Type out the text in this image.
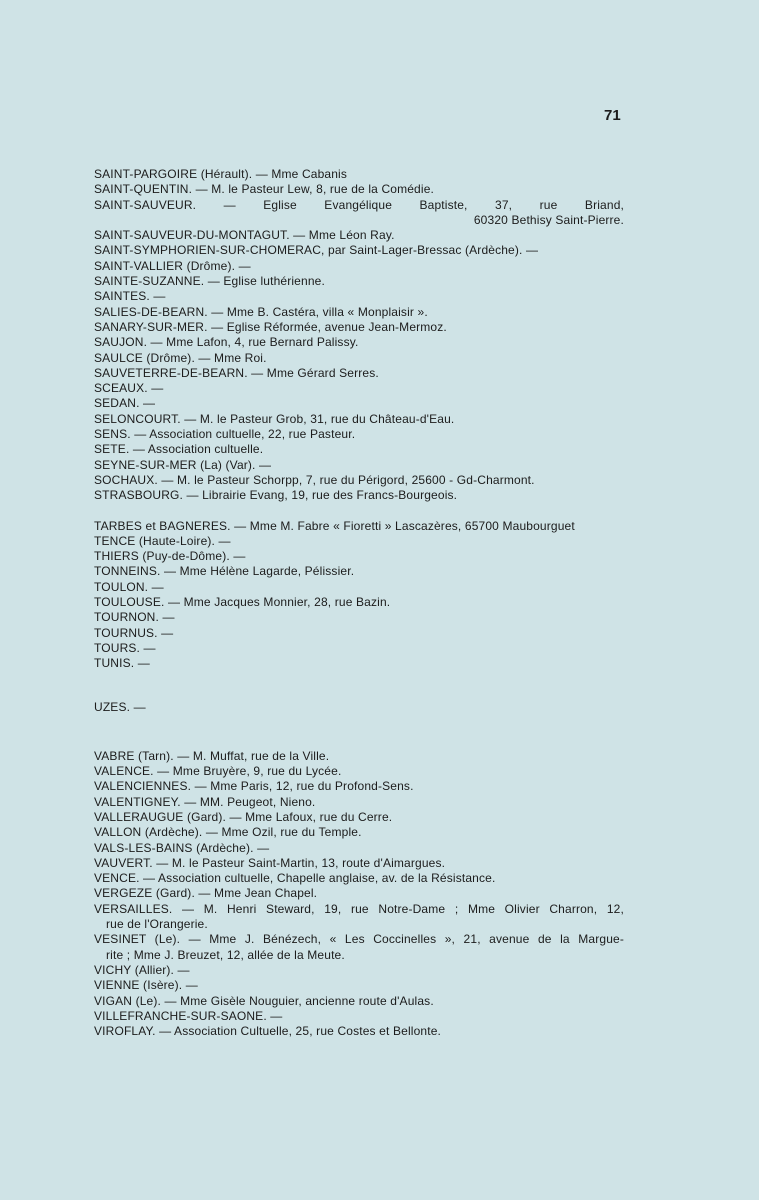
71

SAINT-PARGOIRE (Hérault). — Mme Cabanis
SAINT-QUENTIN. — M. le Pasteur Lew, 8, rue de la Comédie.
SAINT-SAUVEUR. — Eglise Evangélique Baptiste, 37, rue Briand,
60320 Bethisy Saint-Pierre.
SAINT-SAUVEUR-DU-MONTAGUT. — Mme Léon Ray.
SAINT-SYMPHORIEN-SUR-CHOMERAC, par Saint-Lager-Bressac (Ardèche). —
SAINT-VALLIER (Drôme). —
SAINTE-SUZANNE. — Eglise luthérienne.
SAINTES. —
SALIES-DE-BEARN. — Mme B. Castéra, villa « Monplaisir ».
SANARY-SUR-MER. — Eglise Réformée, avenue Jean-Mermoz.
SAUJON. — Mme Lafon, 4, rue Bernard Palissy.
SAULCE (Drôme). — Mme Roi.
SAUVETERRE-DE-BEARN. — Mme Gérard Serres.
SCEAUX. —
SEDAN. —
SELONCOURT. — M. le Pasteur Grob, 31, rue du Château-d'Eau.
SENS. — Association cultuelle, 22, rue Pasteur.
SETE. — Association cultuelle.
SEYNE-SUR-MER (La) (Var). —
SOCHAUX. — M. le Pasteur Schorpp, 7, rue du Périgord, 25600 - Gd-Charmont.
STRASBOURG. — Librairie Evang, 19, rue des Francs-Bourgeois.
TARBES et BAGNERES. — Mme M. Fabre « Fioretti » Lascazères, 65700 Maubourguet
TENCE (Haute-Loire). —
THIERS (Puy-de-Dôme). —
TONNEINS. — Mme Hélène Lagarde, Pélissier.
TOULON. —
TOULOUSE. — Mme Jacques Monnier, 28, rue Bazin.
TOURNON. —
TOURNUS. —
TOURS. —
TUNIS. —
UZES. —
VABRE (Tarn). — M. Muffat, rue de la Ville.
VALENCE. — Mme Bruyère, 9, rue du Lycée.
VALENCIENNES. — Mme Paris, 12, rue du Profond-Sens.
VALENTIGNEY. — MM. Peugeot, Nieno.
VALLERAUGUE (Gard). — Mme Lafoux, rue du Cerre.
VALLON (Ardèche). — Mme Ozil, rue du Temple.
VALS-LES-BAINS (Ardèche). —
VAUVERT. — M. le Pasteur Saint-Martin, 13, route d'Aimargues.
VENCE. — Association cultuelle, Chapelle anglaise, av. de la Résistance.
VERGEZE (Gard). — Mme Jean Chapel.
VERSAILLES. — M. Henri Steward, 19, rue Notre-Dame ; Mme Olivier Charron, 12,
rue de l'Orangerie.
VESINET (Le). — Mme J. Bénézech, « Les Coccinelles », 21, avenue de la Margue-
rite ; Mme J. Breuzet, 12, allée de la Meute.
VICHY (Allier). —
VIENNE (Isère). —
VIGAN (Le). — Mme Gisèle Nouguier, ancienne route d'Aulas.
VILLEFRANCHE-SUR-SAONE. —
VIROFLAY. — Association Cultuelle, 25, rue Costes et Bellonte.
